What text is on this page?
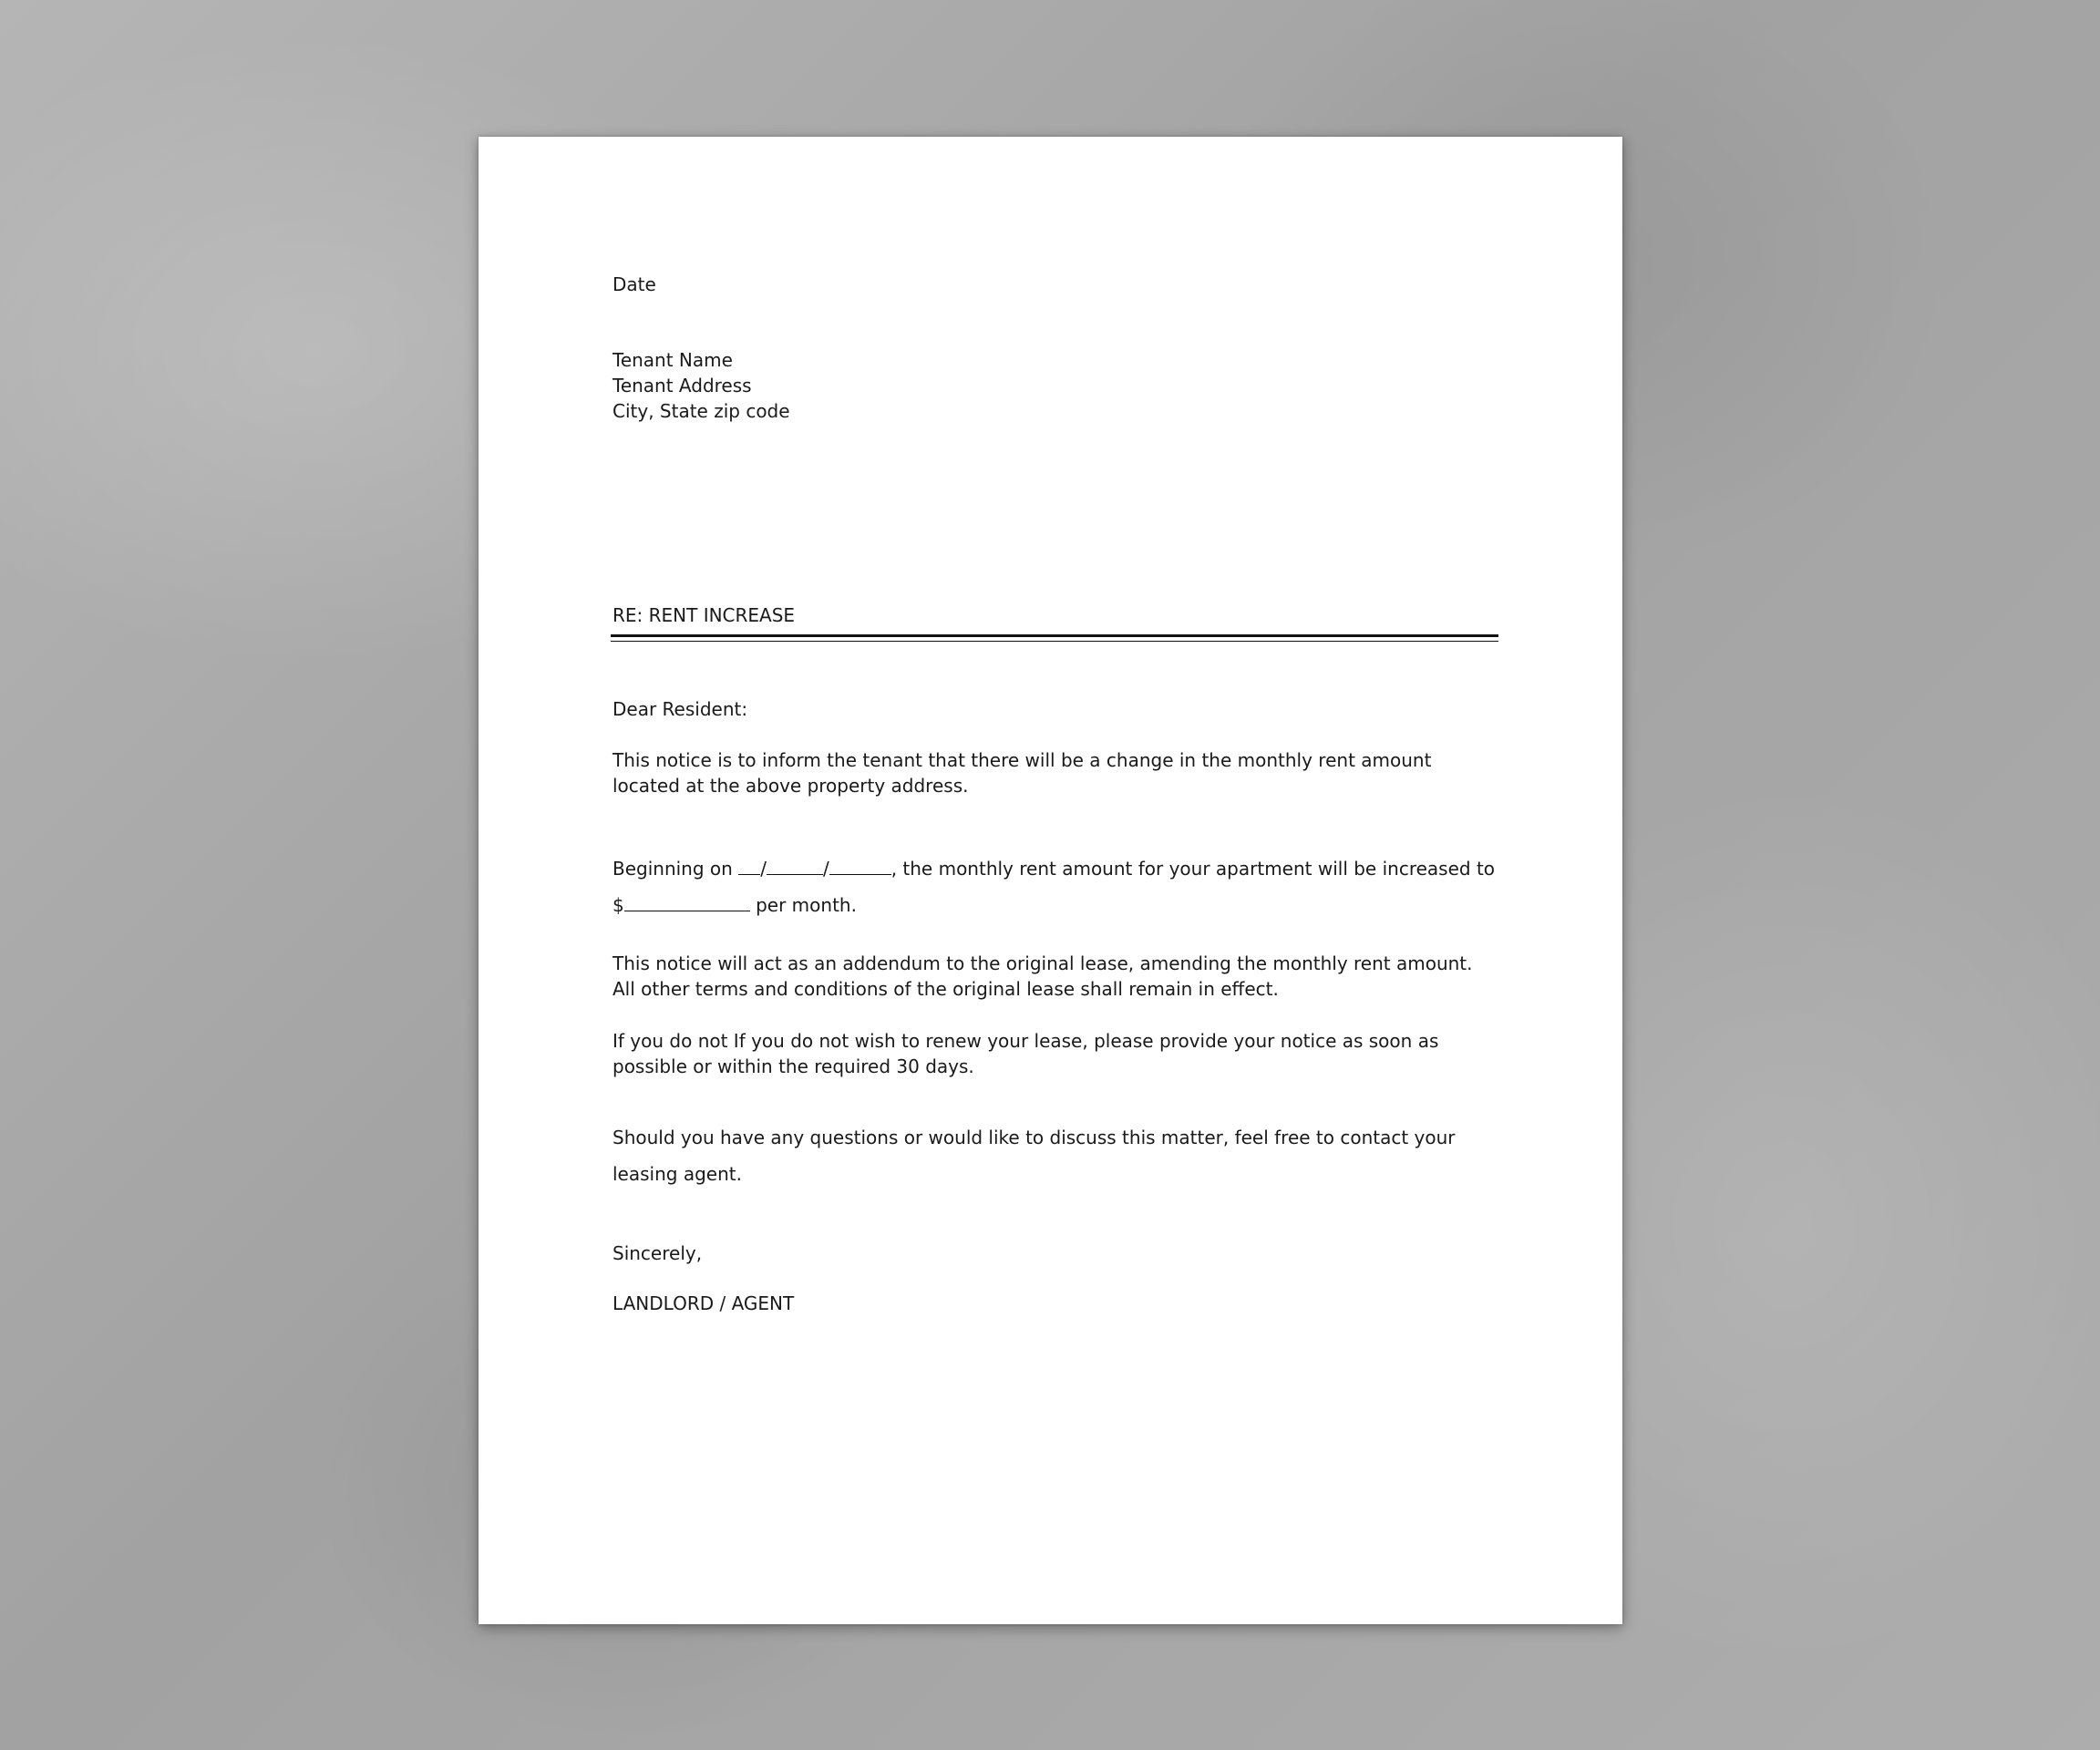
Date
Tenant Name
Tenant Address
City, State zip code
RE: RENT INCREASE
Dear Resident:

This notice is to inform the tenant that there will be a change in the monthly rent amount located at the above property address.

Beginning on /	/	, the monthly rent amount for your apartment will be increased to
$	per month.

This notice will act as an addendum to the original lease, amending the monthly rent amount. All other terms and conditions of the original lease shall remain in effect.

If you do not If you do not wish to renew your lease, please provide your notice as soon as possible or within the required 30 days.

Should you have any questions or would like to discuss this matter, feel free to contact your leasing agent.

Sincerely,
LANDLORD / AGENT
